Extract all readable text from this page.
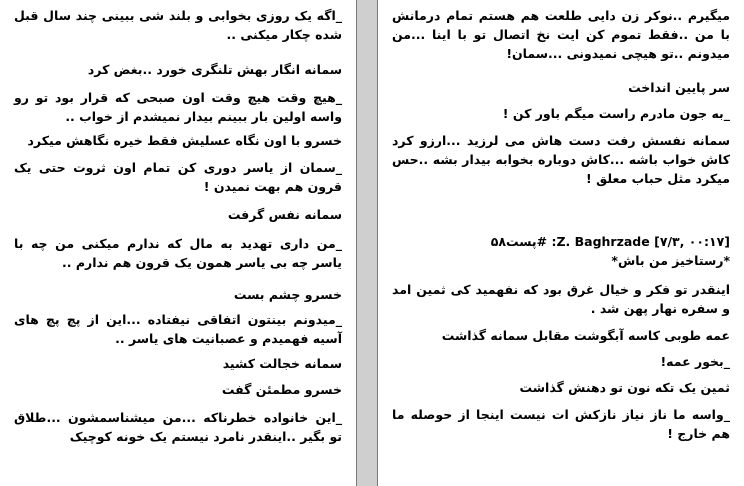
_اگه یک روزی بخوابی و بلند شی ببینی چند سال قبل شده چکار میکنی ..

سمانه انگار بهش تلنگری خورد ..بغض کرد

_هیچ وقت هیچ وقت اون صبحی که قرار بود تو رو واسه اولین بار ببینم بیدار نمیشدم از خواب ..

خسرو با اون نگاه عسلیش فقط خیره نگاهش میکرد

_سمان از یاسر دوری کن تمام اون ثروت حتی یک قرون هم بهت نمیدن !

سمانه نفس گرفت

_من داری تهدید به مال که ندارم میکنی من چه با یاسر چه بی یاسر همون یک قرون هم ندارم ..

خسرو چشم بست

_میدونم بینتون اتفاقی نیفتاده ...این از پچ پچ های آسیه فهمیدم و عصبانیت های یاسر ..

سمانه خجالت کشید

خسرو مطمئن گفت

_این خانواده خطرناکه ...من میشناسمشون ...طلاق تو بگیر ..اینقدر نامرد نیستم یک خونه کوچیک

میگیرم ..نوکر زن دایی طلعت هم هستم تمام درمانش با من ..فقط تموم کن ایت نخ اتصال تو با اینا ...من میدونم ..تو هیچی نمیدونی ...سمان!

سر پایین انداخت

_به جون مادرم راست میگم باور کن !

سمانه نفسش رفت دست هاش می لرزید ...ارزو کرد کاش خواب باشه ...کاش دوباره بخوابه بیدار بشه ..حس میکرد مثل حباب معلق !

[۰۰:۱۷ ,۷/۳] Z. Baghrzade: #پست۵۸

*رستاخیز من باش*

اینقدر تو فکر و خیال غرق بود که نفهمید کی ثمین امد و سفره نهار پهن شد .

عمه طوبی کاسه آبگوشت مقابل سمانه گذاشت

_بخور عمه!

ثمین یک تکه نون تو دهنش گذاشت

_واسه ما ناز نیاز نازکش ات نیست اینجا از حوصله ما هم خارج !
